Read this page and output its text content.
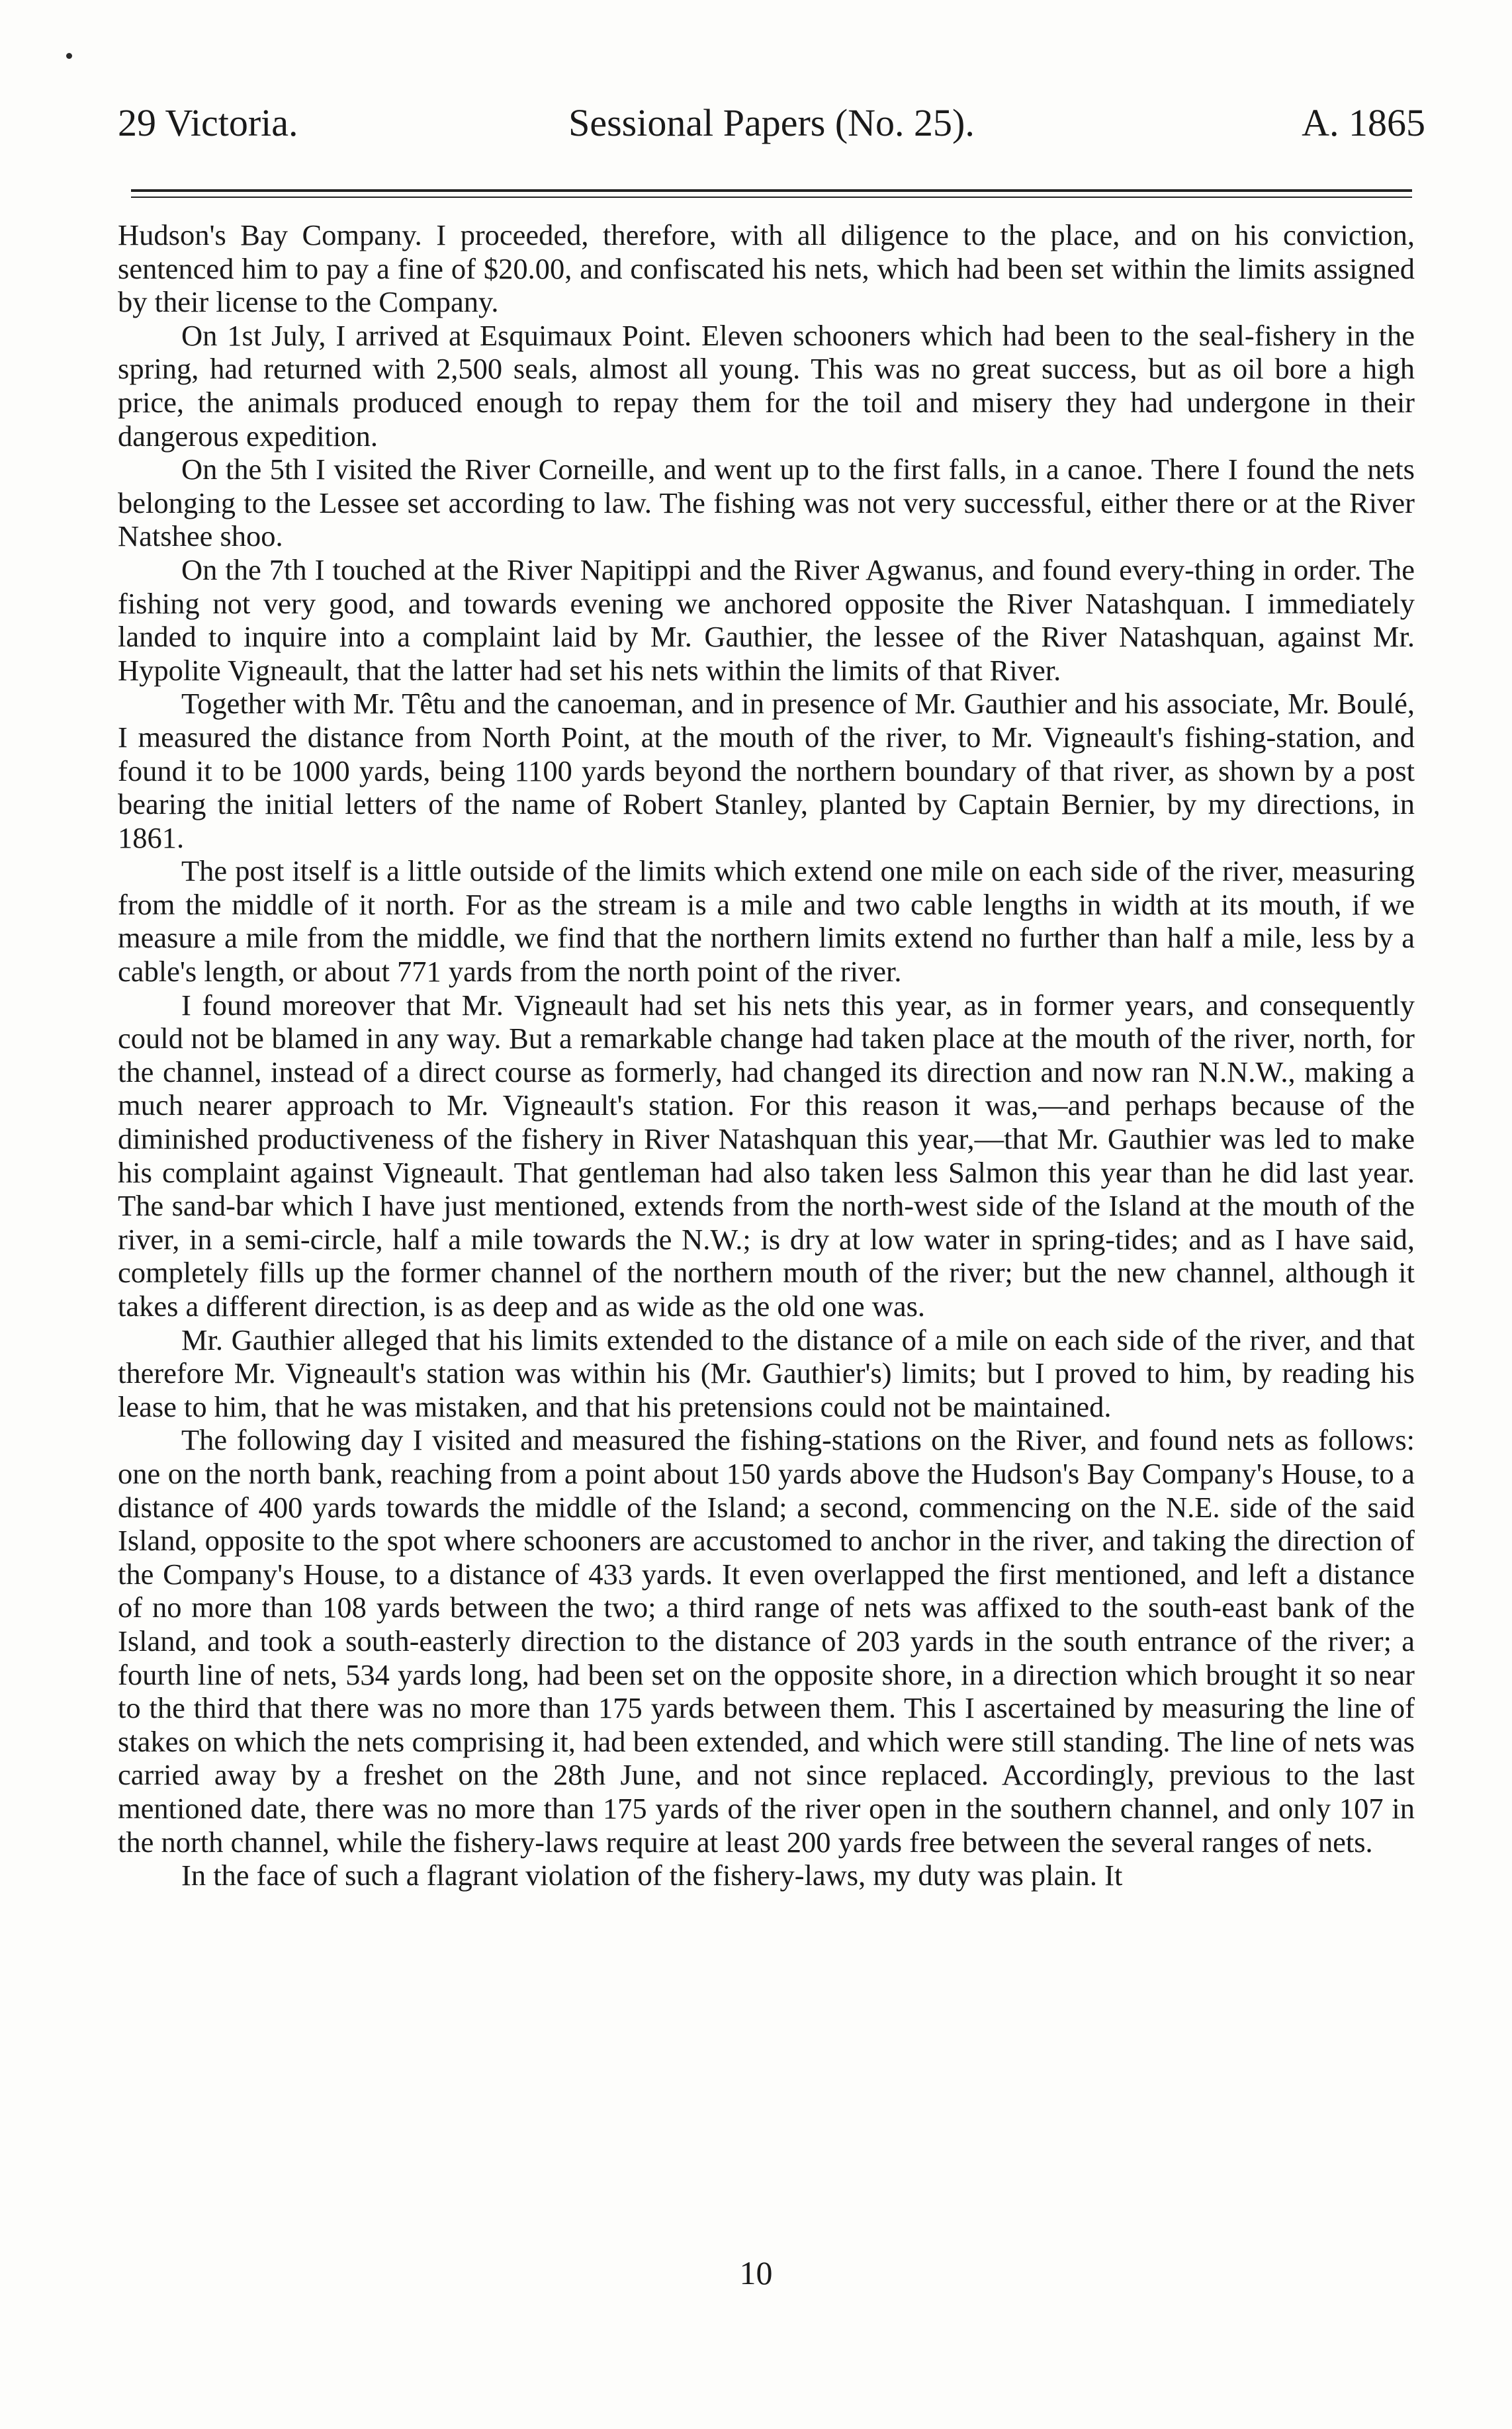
29 Victoria.	Sessional Papers (No. 25).	A. 1865

Hudson's Bay Company. I proceeded, therefore, with all diligence to the place, and on his conviction, sentenced him to pay a fine of $20.00, and confiscated his nets, which had been set within the limits assigned by their license to the Company.

On 1st July, I arrived at Esquimaux Point. Eleven schooners which had been to the seal-fishery in the spring, had returned with 2,500 seals, almost all young. This was no great success, but as oil bore a high price, the animals produced enough to repay them for the toil and misery they had undergone in their dangerous expedition.

On the 5th I visited the River Corneille, and went up to the first falls, in a canoe. There I found the nets belonging to the Lessee set according to law. The fishing was not very successful, either there or at the River Natshee shoo.

On the 7th I touched at the River Napitippi and the River Agwanus, and found every-thing in order. The fishing not very good, and towards evening we anchored opposite the River Natashquan. I immediately landed to inquire into a complaint laid by Mr. Gauthier, the lessee of the River Natashquan, against Mr. Hypolite Vigneault, that the latter had set his nets within the limits of that River.

Together with Mr. Têtu and the canoeman, and in presence of Mr. Gauthier and his associate, Mr. Boulé, I measured the distance from North Point, at the mouth of the river, to Mr. Vigneault's fishing-station, and found it to be 1000 yards, being 1100 yards beyond the northern boundary of that river, as shown by a post bearing the initial letters of the name of Robert Stanley, planted by Captain Bernier, by my directions, in 1861.

The post itself is a little outside of the limits which extend one mile on each side of the river, measuring from the middle of it north. For as the stream is a mile and two cable lengths in width at its mouth, if we measure a mile from the middle, we find that the northern limits extend no further than half a mile, less by a cable's length, or about 771 yards from the north point of the river.

I found moreover that Mr. Vigneault had set his nets this year, as in former years, and consequently could not be blamed in any way. But a remarkable change had taken place at the mouth of the river, north, for the channel, instead of a direct course as formerly, had changed its direction and now ran N.N.W., making a much nearer approach to Mr. Vigneault's station. For this reason it was,—and perhaps because of the diminished productiveness of the fishery in River Natashquan this year,—that Mr. Gauthier was led to make his complaint against Vigneault. That gentleman had also taken less Salmon this year than he did last year. The sand-bar which I have just mentioned, extends from the north-west side of the Island at the mouth of the river, in a semi-circle, half a mile towards the N.W.; is dry at low water in spring-tides; and as I have said, completely fills up the former channel of the northern mouth of the river; but the new channel, although it takes a different direction, is as deep and as wide as the old one was.

Mr. Gauthier alleged that his limits extended to the distance of a mile on each side of the river, and that therefore Mr. Vigneault's station was within his (Mr. Gauthier's) limits; but I proved to him, by reading his lease to him, that he was mistaken, and that his pretensions could not be maintained.

The following day I visited and measured the fishing-stations on the River, and found nets as follows: one on the north bank, reaching from a point about 150 yards above the Hudson's Bay Company's House, to a distance of 400 yards towards the middle of the Island; a second, commencing on the N.E. side of the said Island, opposite to the spot where schooners are accustomed to anchor in the river, and taking the direction of the Company's House, to a distance of 433 yards. It even overlapped the first mentioned, and left a distance of no more than 108 yards between the two; a third range of nets was affixed to the south-east bank of the Island, and took a south-easterly direction to the distance of 203 yards in the south entrance of the river; a fourth line of nets, 534 yards long, had been set on the opposite shore, in a direction which brought it so near to the third that there was no more than 175 yards between them. This I ascertained by measuring the line of stakes on which the nets comprising it, had been extended, and which were still standing. The line of nets was carried away by a freshet on the 28th June, and not since replaced. Accordingly, previous to the last mentioned date, there was no more than 175 yards of the river open in the southern channel, and only 107 in the north channel, while the fishery-laws require at least 200 yards free between the several ranges of nets.

In the face of such a flagrant violation of the fishery-laws, my duty was plain. It

10
